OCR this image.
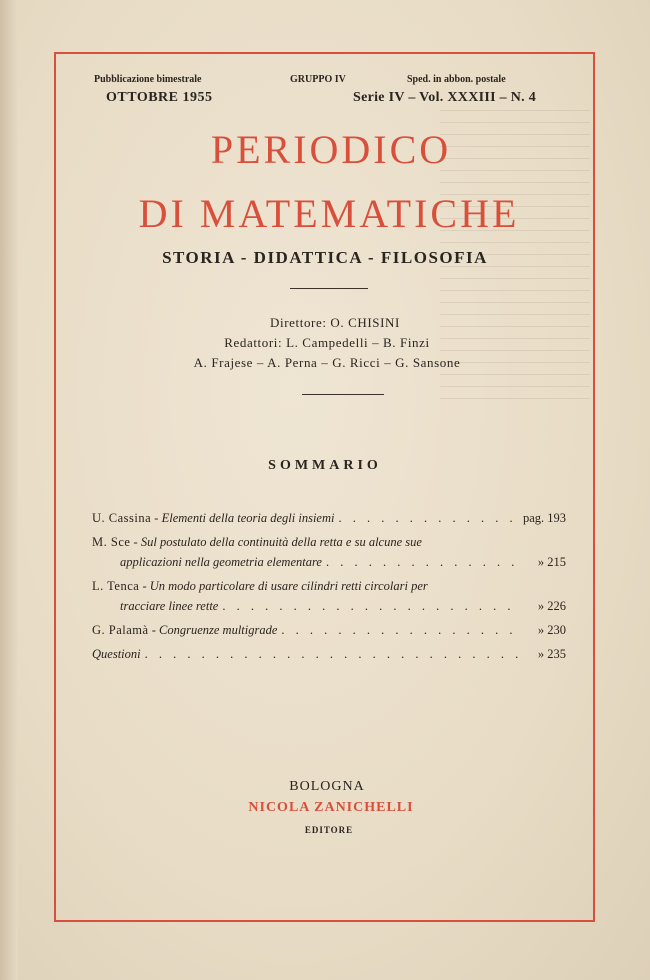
Pubblicazione bimestrale
OTTOBRE 1955
GRUPPO IV	Sped. in abbon. postale
Serie IV – Vol. XXXIII – N. 4
PERIODICO
DI MATEMATICHE
STORIA - DIDATTICA - FILOSOFIA
Direttore: O. CHISINI
Redattori: L. Campedelli – B. Finzi
A. Frajese – A. Perna – G. Ricci – G. Sansone
SOMMARIO
U. Cassina - Elementi della teoria degli insiemi . . .	pag. 193
M. Sce - Sul postulato della continuità della retta e su alcune sue
applicazioni nella geometria elementare . . .	» 215
L. Tenca - Un modo particolare di usare cilindri retti circolari per
tracciare linee rette . . .	» 226
G. Palamà - Congruenze multigrade . . .	» 230
Questioni . . .	» 235
BOLOGNA
NICOLA ZANICHELLI
EDITORE
